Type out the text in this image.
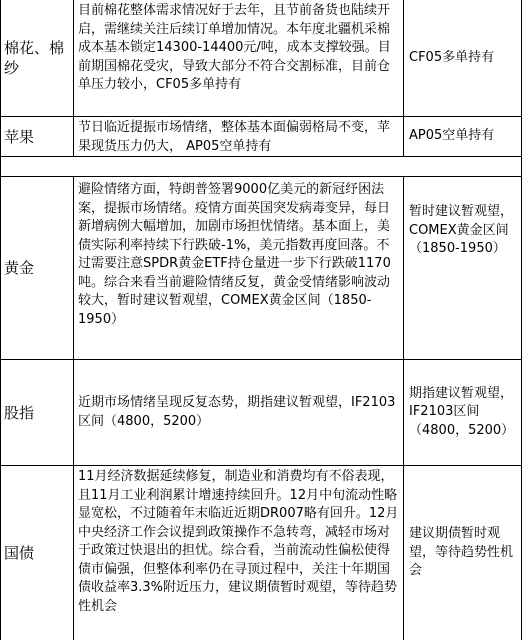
棉花、棉纱
目前棉花整体需求情况好于去年，且节前备货也陆续开启，需继续关注后续订单增加情况。本年度北疆机采棉成本基本锁定14300-14400元/吨，成本支撑较强。目前期国棉花受灾，导致大部分不符合交割标准，目前仓单压力较小，CF05多单持有
CF05多单持有
苹果	节日临近提振市场情绪，整体基本面偏弱格局不变，苹果现货压力仍大， AP05空单持有
AP05空单持有
黄金
避险情绪方面，特朗普签署9000亿美元的新冠纾困法案，提振市场情绪。疫情方面英国突发病毒变异，每日新增病例大幅增加，加剧市场担忧情绪。基本面上，美债实际利率持续下行跌破-1%，美元指数再度回落。不过需要注意SPDR黄金ETF持仓量进一步下行跌破1170吨。综合来看当前避险情绪反复，黄金受情绪影响波动较大，暂时建议暂观望，COMEX黄金区间（1850-1950）
暂时建议暂观望，COMEX黄金区间（1850-1950）
股指
近期市场情绪呈现反复态势，期指建议暂观望，IF2103区间（4800，5200）
期指建议暂观望，IF2103区间（4800，5200）
国债
11月经济数据延续修复，制造业和消费均有不俗表现，且11月工业利润累计增速持续回升。12月中旬流动性略显宽松，不过随着年末临近近期DR007略有回升。12月中央经济工作会议提到政策操作不急转弯，减轻市场对于政策过快退出的担忧。综合看，当前流动性偏松使得债市偏强，但整体利率仍在寻顶过程中，关注十年期国债收益率3.3%附近压力，建议期债暂时观望，等待趋势性机会
建议期债暂时观望，等待趋势性机会
